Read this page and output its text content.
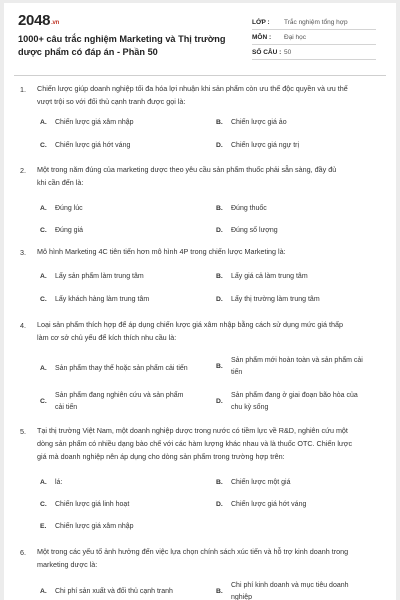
2048.vn
1000+ câu trắc nghiệm Marketing và Thị trường dược phẩm có đáp án - Phần 50
LỚP :	Trắc nghiệm tổng hợp
MÔN :	Đại học
SỐ CÂU : 50
1. Chiến lược giúp doanh nghiệp tối đa hóa lợi nhuận khi sản phẩm còn ưu thế độc quyền và ưu thế
vượt trội so với đối thủ cạnh tranh được gọi là:
A. Chiến lược giá xâm nhập	B. Chiến lược giá ảo
C. Chiến lược giá hớt váng	D. Chiến lược giá ngự trị
2. Một trong năm đúng của marketing dược theo yêu cầu sản phẩm thuốc phải sẵn sàng, đầy đủ
khi cần đến là:
A. Đúng lúc	B. Đúng thuốc
C. Đúng giá	D. Đúng số lượng
3. Mô hình Marketing 4C tiên tiến hơn mô hình 4P trong chiến lược Marketing là:
A. Lấy sản phẩm làm trung tâm	B. Lấy giá cả làm trung tâm
C. Lấy khách hàng làm trung tâm	D. Lấy thị trường làm trung tâm
4. Loại sản phẩm thích hợp để áp dụng chiến lược giá xâm nhập bằng cách sử dụng mức giá thấp
làm cơ sở chủ yếu để kích thích nhu cầu là:
A. Sản phẩm thay thế hoặc sản phẩm cải tiến	B.
Sản phẩm mới hoàn toàn và sản phẩm cải
tiến
C.
Sản phẩm đang nghiên cứu và sản phẩm
cải tiến
D.
Sản phẩm đang ở giai đoạn bão hòa của
chu kỳ sống
5. Tại thị trường Việt Nam, một doanh nghiệp dược trong nước có tiềm lực về R&D, nghiên cứu một
dòng sản phẩm có nhiều dạng bào chế với các hàm lượng khác nhau và là thuốc OTC. Chiến lược
giá mà doanh nghiệp nên áp dụng cho dòng sản phẩm trong trường hợp trên:
A. lá:	B. Chiến lược một giá
C. Chiến lược giá linh hoạt	D. Chiến lược giá hớt váng
E. Chiến lược giá xâm nhập
6. Một trong các yếu tố ảnh hưởng đến việc lựa chọn chính sách xúc tiến và hỗ trợ kinh doanh trong
marketing dược là:
A. Chi phí sản xuất và đối thủ cạnh tranh	B.
Chi phí kinh doanh và mục tiêu doanh
nghiệp
